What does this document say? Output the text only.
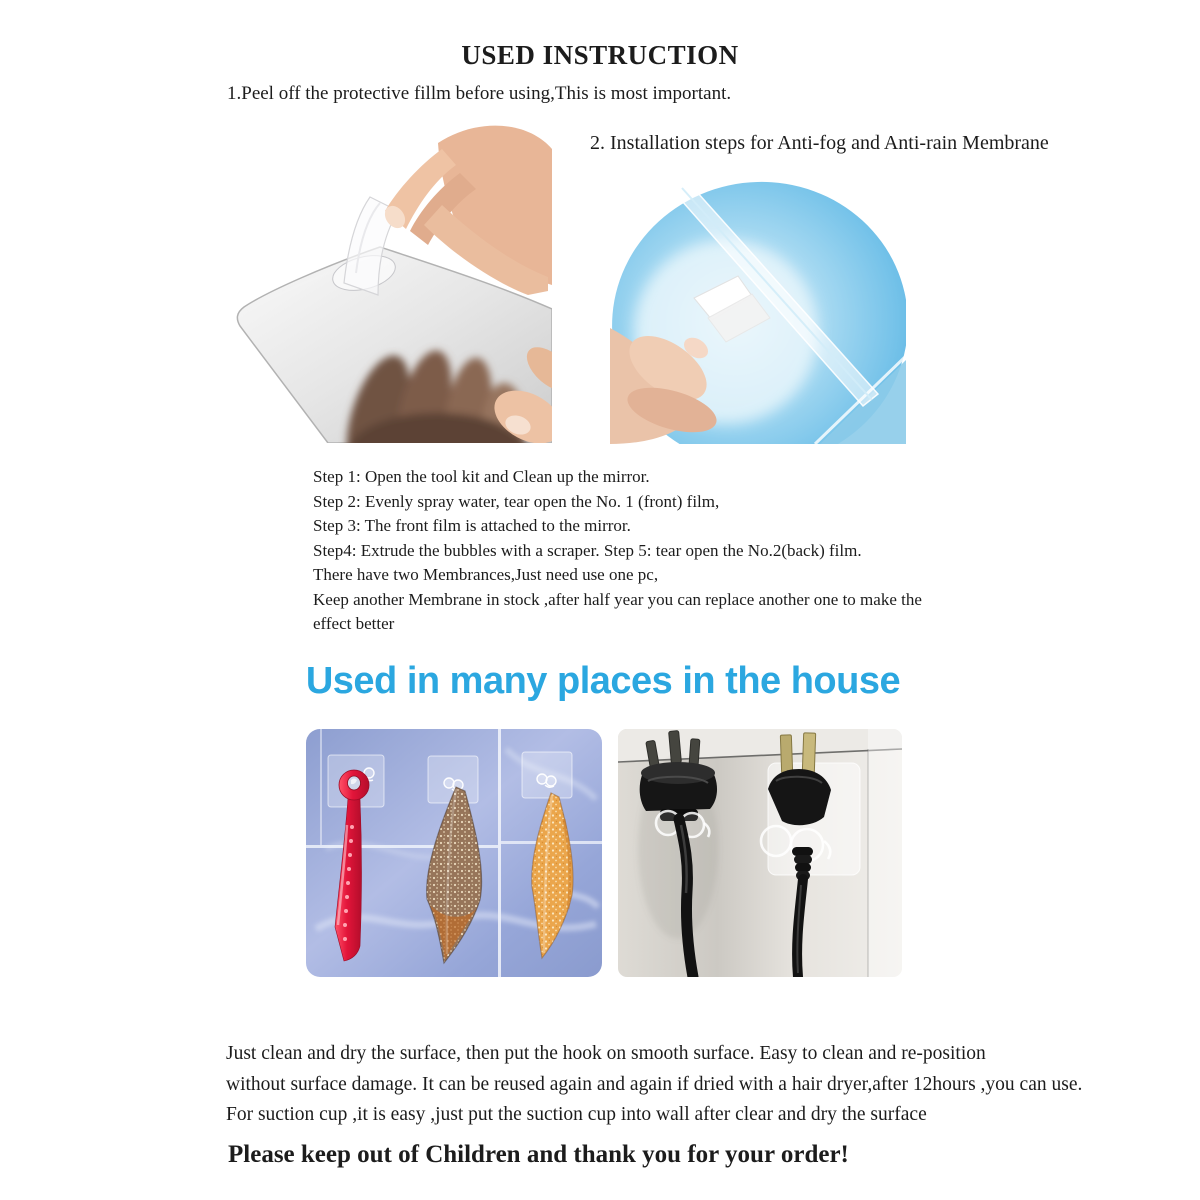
USED INSTRUCTION
1.Peel off the protective fillm before using,This is most important.
2. Installation steps for Anti-fog and Anti-rain Membrane
Step 1: Open the tool kit and Clean up the mirror.
Step 2: Evenly spray water, tear open the No. 1 (front) film,
Step 3: The front film is attached to the mirror.
Step4: Extrude the bubbles with a scraper. Step 5: tear open the No.2(back) film.
There have two Membrances,Just need use one pc,
Keep another Membrane in stock ,after half year you can replace another one to make the effect better
Used in many places in the house
Just clean and dry the surface, then put the hook on smooth surface. Easy to clean and re-position
without surface damage. It can be reused again and again if dried with a hair dryer,after 12hours ,you can use.
For suction cup ,it is easy ,just put the suction cup into wall after clear and dry the surface
Please keep out of Children and thank you for your order!
